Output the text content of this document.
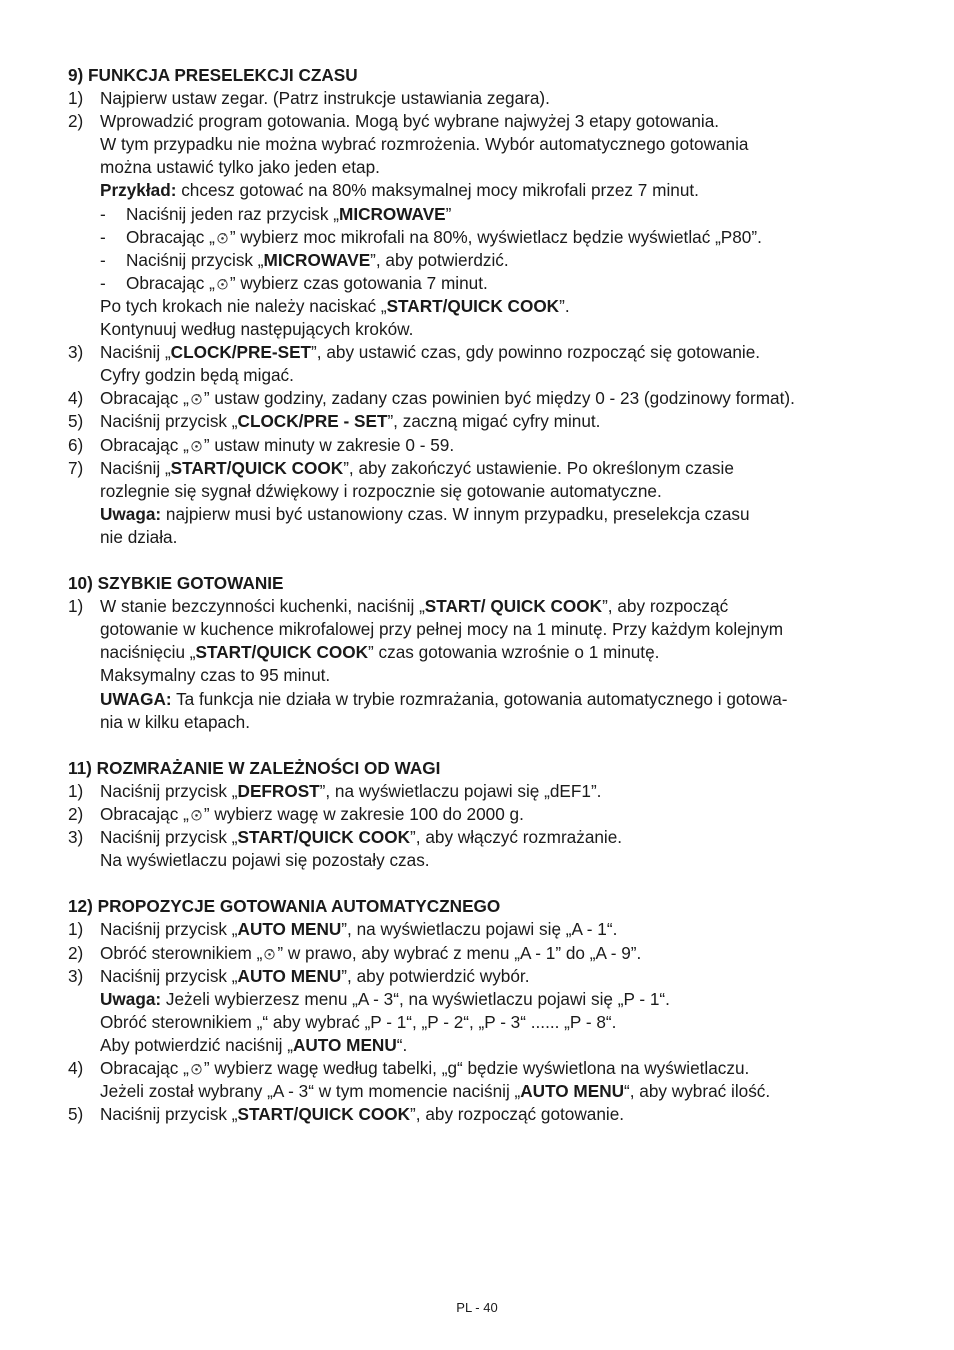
9) FUNKCJA PRESELEKCJI CZASU
1) Najpierw ustaw zegar. (Patrz instrukcje ustawiania zegara).
2) Wprowadzić program gotowania. Mogą być wybrane najwyżej 3 etapy gotowania.
W tym przypadku nie można wybrać rozmrożenia. Wybór automatycznego gotowania
można ustawić tylko jako jeden etap.
Przykład: chcesz gotować na 80% maksymalnej mocy mikrofali przez 7 minut.
-	Naciśnij jeden raz przycisk „MICROWAVE”
-	Obracając „ ” wybierz moc mikrofali na 80%, wyświetlacz będzie wyświetlać „P80”.
-	Naciśnij przycisk „MICROWAVE”, aby potwierdzić.
-	Obracając „ ” wybierz czas gotowania 7 minut.
Po tych krokach nie należy naciskać „START/QUICK COOK”.
Kontynuuj według następujących kroków.
3) Naciśnij „CLOCK/PRE-SET”, aby ustawić czas, gdy powinno rozpocząć się gotowanie.
Cyfry godzin będą migać.
4) Obracając „ ” ustaw godziny, zadany czas powinien być między 0 - 23 (godzinowy format).
5) Naciśnij przycisk „CLOCK/PRE - SET”, zaczną migać cyfry minut.
6) Obracając „ ” ustaw minuty w zakresie 0 - 59.
7) Naciśnij „START/QUICK COOK”, aby zakończyć ustawienie. Po określonym czasie
rozlegnie się sygnał dźwiękowy i rozpocznie się gotowanie automatyczne.
Uwaga: najpierw musi być ustanowiony czas. W innym przypadku, preselekcja czasu
nie działa.
10) SZYBKIE GOTOWANIE
1) W stanie bezczynności kuchenki, naciśnij „START/ QUICK COOK”, aby rozpocząć
gotowanie w kuchence mikrofalowej przy pełnej mocy na 1 minutę. Przy każdym kolejnym
naciśnięciu „START/QUICK COOK” czas gotowania wzrośnie o 1 minutę.
Maksymalny czas to 95 minut.
UWAGA: Ta funkcja nie działa w trybie rozmrażania, gotowania automatycznego i gotowa-
nia w kilku etapach.
11) ROZMRAŻANIE W ZALEŻNOŚCI OD WAGI
1) Naciśnij przycisk „DEFROST”, na wyświetlaczu pojawi się „dEF1”.
2) Obracając „ ” wybierz wagę w zakresie 100 do 2000 g.
3) Naciśnij przycisk „START/QUICK COOK”, aby włączyć rozmrażanie.
Na wyświetlaczu pojawi się pozostały czas.
12) PROPOZYCJE GOTOWANIA AUTOMATYCZNEGO
1) Naciśnij przycisk „AUTO MENU”, na wyświetlaczu pojawi się „A - 1“.
2) Obróć sterownikiem „ ” w prawo, aby wybrać z menu „A - 1” do „A - 9”.
3) Naciśnij przycisk „AUTO MENU”, aby potwierdzić wybór.
Uwaga: Jeżeli wybierzesz menu „A - 3“, na wyświetlaczu pojawi się „P - 1“.
Obróć sterownikiem „“ aby wybrać „P - 1“, „P - 2“, „P - 3“ ...... „P - 8“.
Aby potwierdzić naciśnij „AUTO MENU“.
4) Obracając „ ” wybierz wagę według tabelki, „g“ będzie wyświetlona na wyświetlaczu.
Jeżeli został wybrany „A - 3“ w tym momencie naciśnij „AUTO MENU“, aby wybrać ilość.
5) Naciśnij przycisk „START/QUICK COOK”, aby rozpocząć gotowanie.
PL - 40
